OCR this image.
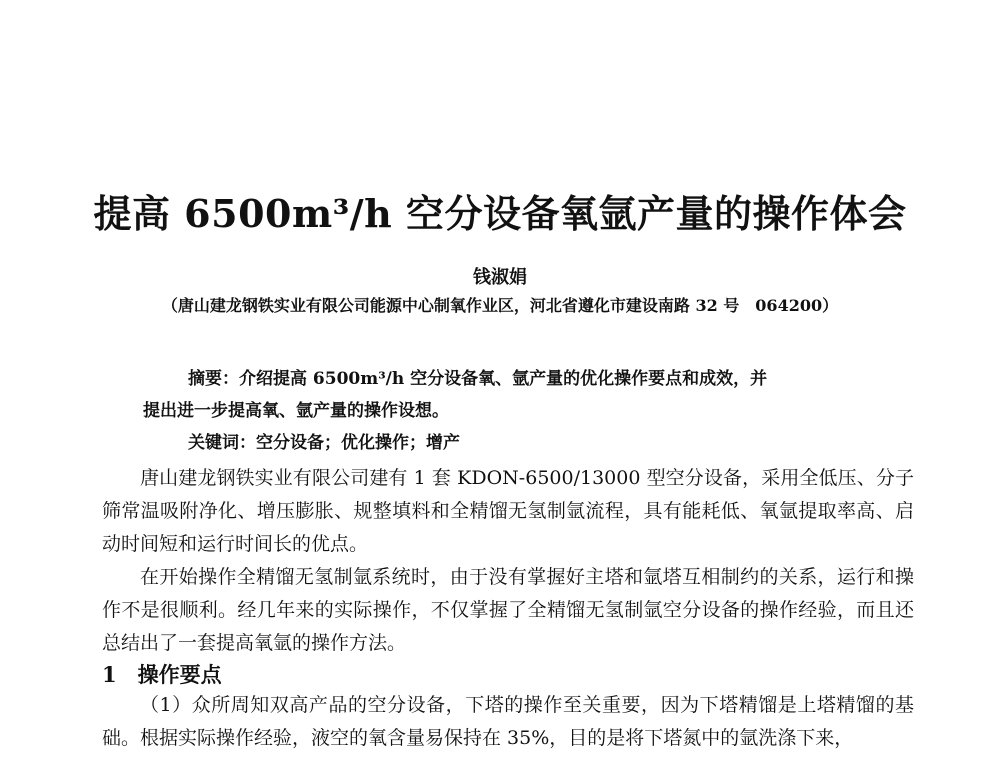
提高 6500m³/h 空分设备氧氩产量的操作体会
钱淑娟
（唐山建龙钢铁实业有限公司能源中心制氧作业区，河北省遵化市建设南路 32 号　064200）
摘要：介绍提高 6500m³/h 空分设备氧、氩产量的优化操作要点和成效，并
提出进一步提高氧、氩产量的操作设想。
关键词：空分设备；优化操作；增产
唐山建龙钢铁实业有限公司建有 1 套 KDON-6500/13000 型空分设备，采用全低压、分子筛常温吸附净化、增压膨胀、规整填料和全精馏无氢制氩流程，具有能耗低、氧氩提取率高、启动时间短和运行时间长的优点。
在开始操作全精馏无氢制氩系统时，由于没有掌握好主塔和氩塔互相制约的关系，运行和操作不是很顺利。经几年来的实际操作，不仅掌握了全精馏无氢制氩空分设备的操作经验，而且还总结出了一套提高氧氩的操作方法。
1　 操作要点
（1）众所周知双高产品的空分设备，下塔的操作至关重要，因为下塔精馏是上塔精馏的基础。根据实际操作经验，液空的氧含量易保持在 35%，目的是将下塔氮中的氩洗涤下来，
